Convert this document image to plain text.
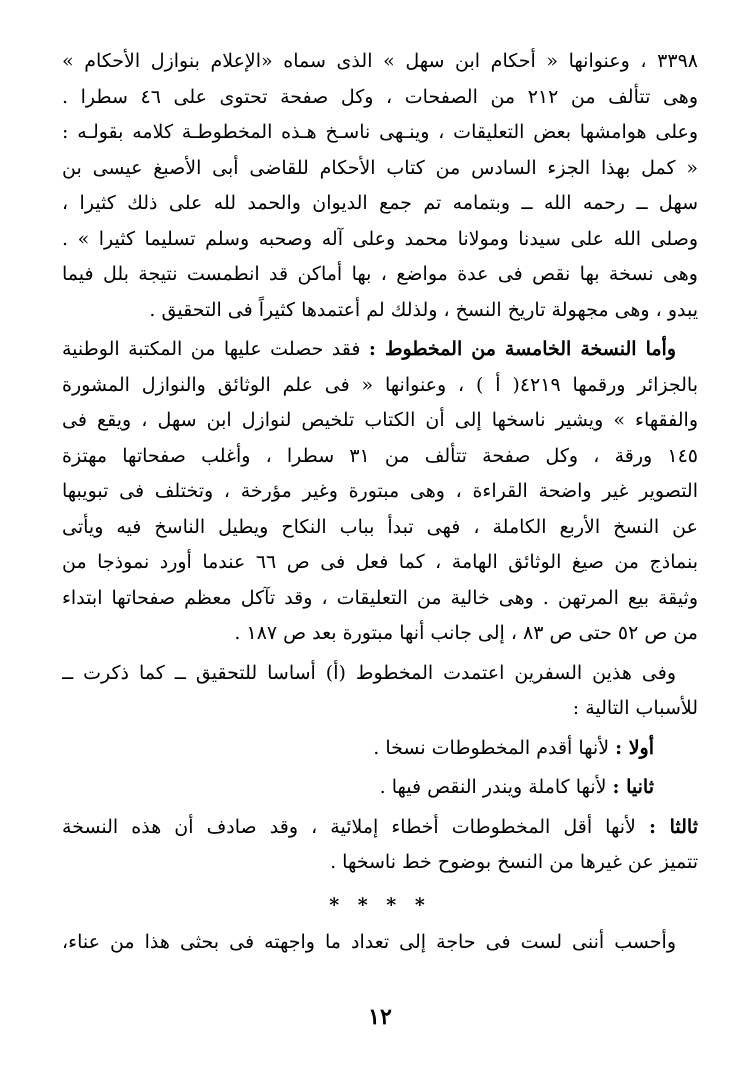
٣٣٩٨ ، وعنوانها « أحكام ابن سهل » الذى سماه «الإعلام بنوازل الأحكام »
وهى تتألف من ٢١٢ من الصفحات ، وكل صفحة تحتوى على ٤٦ سطرا .
وعلى هوامشها بعض التعليقات ، وينـهى ناسـخ هـذه المخطوطـة كلامه بقولـه :
« كمل بهذا الجزء السادس من كتاب الأحكام للقاضى أبى الأصبغ عيسى بن
سهل ــ رحمه الله ــ وبتمامه تم جمع الديوان والحمد لله على ذلك كثيرا ،
وصلى الله على سيدنا ومولانا محمد وعلى آله وصحبه وسلم تسليما كثيرا » .
وهى نسخة بها نقص فى عدة مواضع ، بها أماكن قد انطمست نتيجة بلل فيما
يبدو ، وهى مجهولة تاريخ النسخ ، ولذلك لم أعتمدها كثيراً فى التحقيق .
وأما النسخة الخامسة من المخطوط : فقد حصلت عليها من المكتبة الوطنية
بالجزائر ورقمها ٤٢١٩( أ ) ، وعنوانها « فى علم الوثائق والنوازل المشورة
والفقهاء » ويشير ناسخها إلى أن الكتاب تلخيص لنوازل ابن سهل ، ويقع فى
١٤٥ ورقة ، وكل صفحة تتألف من ٣١ سطرا ، وأغلب صفحاتها مهتزة
التصوير غير واضحة القراءة ، وهى مبتورة وغير مؤرخة ، وتختلف فى تبويبها
عن النسخ الأربع الكاملة ، فهى تبدأ بباب النكاح ويطيل الناسخ فيه ويأتى
بنماذج من صيغ الوثائق الهامة ، كما فعل فى ص ٦٦ عندما أورد نموذجا من
وثيقة بيع المرتهن . وهى خالية من التعليقات ، وقد تآكل معظم صفحاتها ابتداء
من ص ٥٢ حتى ص ٨٣ ، إلى جانب أنها مبتورة بعد ص ١٨٧ .
وفى هذين السفرين اعتمدت المخطوط (أ) أساسا للتحقيق ــ كما ذكرت ــ
للأسباب التالية :
أولا : لأنها أقدم المخطوطات نسخا .
ثانيا : لأنها كاملة ويندر النقص فيها .
ثالثا : لأنها أقل المخطوطات أخطاء إملائية ، وقد صادف أن هذه النسخة
تتميز عن غيرها من النسخ بوضوح خط ناسخها .
* * * *
وأحسب أننى لست فى حاجة إلى تعداد ما واجهته فى بحثى هذا من عناء،
١٢
